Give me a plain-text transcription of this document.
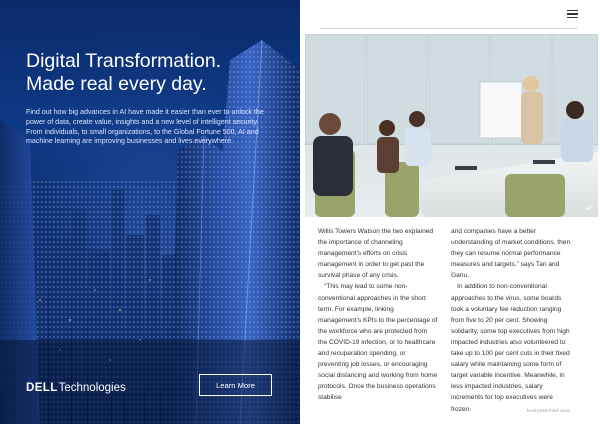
Digital Transformation.
Made real every day.
Find out how big advances in AI have made it easier than ever to unlock the power of data, create value, insights and a new level of intelligent security. From individuals, to small organizations, to the Global Fortune 500, AI and machine learning are improving businesses and lives everywhere.
DELL Technologies	Learn More
AT

Willis Towers Watson the two explained the importance of channeling management’s efforts on crisis management in order to get past the survival phase of any crisis.

“This may lead to some non-conventional approaches in the short term. For example, linking management’s KPIs to the percentage of the workforce who are protected from the COVID-19 infection, or to healthcare and recuperation spending, or preventing job losses, or encouraging social distancing and working from home protocols. Once the business operations stabilise

and companies have a better understanding of market conditions, then they can resume normal performance measures and targets,” says Tan and Ganu.

In addition to non-conventional approaches to the virus, some boards took a voluntary fee reduction ranging from five to 20 per cent. Showing solidarity, some top executives from high impacted industries also volunteered to take up to 100 per cent cuts in their fixed salary while maintaining some form of target variable incentive. Meanwhile, in less impacted industries, salary increments for top executives were frozen.	businesschief.asia
